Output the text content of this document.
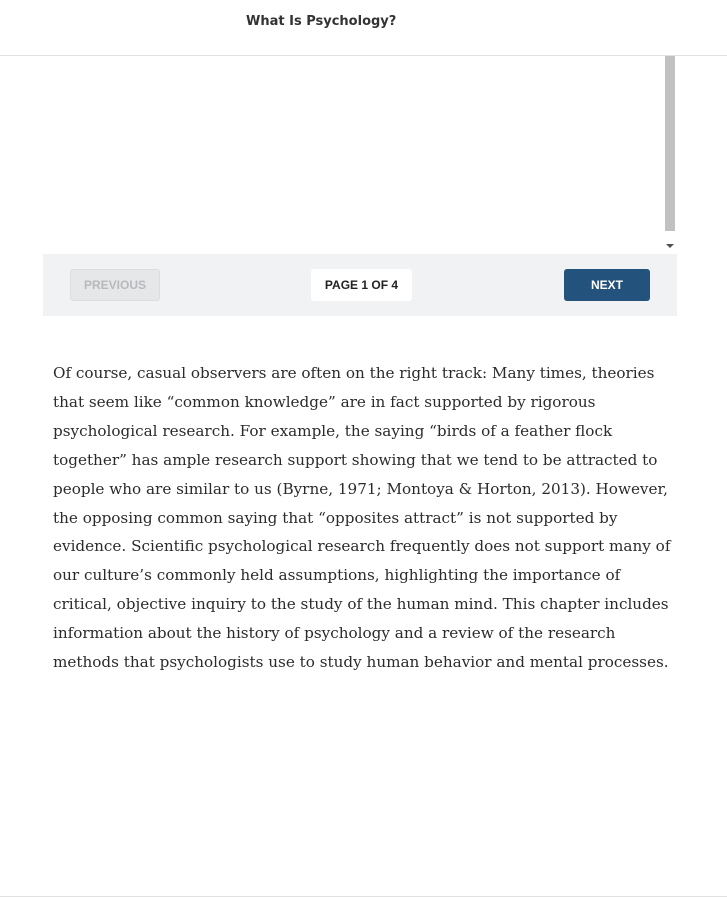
What Is Psychology?
PREVIOUS	PAGE 1 OF 4	NEXT

Of course, casual observers are often on the right track: Many times, theories that seem like “common knowledge” are in fact supported by rigorous psychological research. For example, the saying “birds of a feather flock together” has ample research support showing that we tend to be attracted to people who are similar to us (Byrne, 1971; Montoya & Horton, 2013). However, the opposing common saying that “opposites attract” is not supported by evidence. Scientific psychological research frequently does not support many of our culture’s commonly held assumptions, highlighting the importance of critical, objective inquiry to the study of the human mind. This chapter includes information about the history of psychology and a review of the research methods that psychologists use to study human behavior and mental processes.
